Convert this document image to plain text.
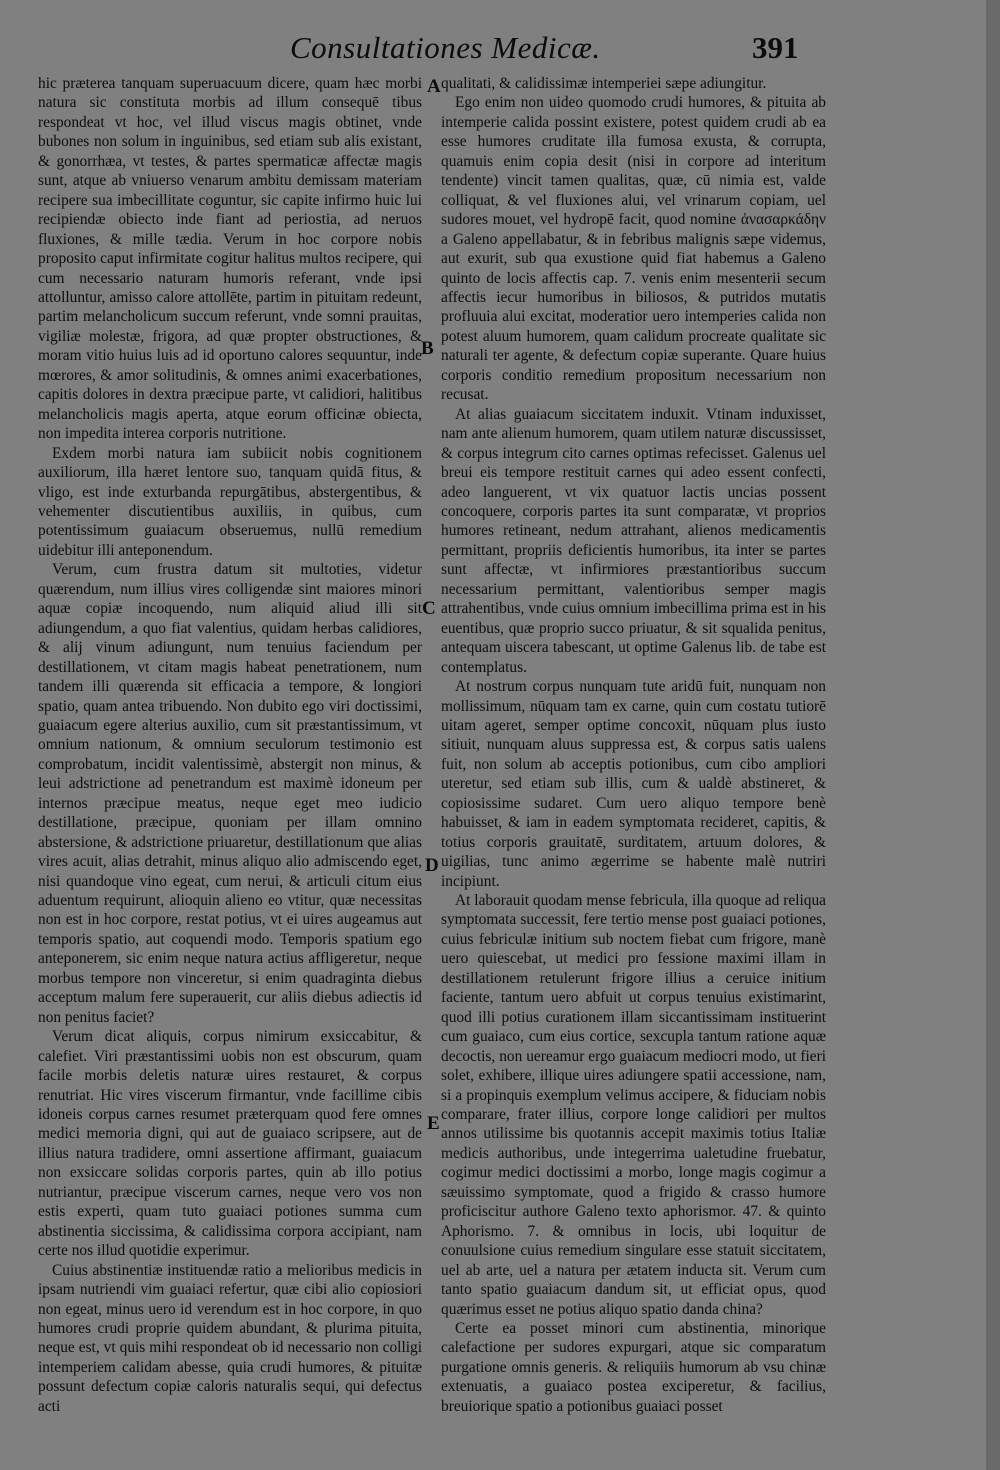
Consultationes Medicæ.	391

hic præterea tanquam superuacuum dicere, quam hæc morbi natura sic constituta morbis ad illum consequē tibus respondeat vt hoc, vel illud viscus magis obtinet, vnde bubones non solum in inguinibus, sed etiam sub alis existant, & gonorrhæa, vt testes, & partes spermaticæ affectæ magis sunt, atque ab vniuerso venarum ambitu demissam materiam recipere sua imbecillitate coguntur, sic capite infirmo huic lui recipiendæ obiecto inde fiant ad periostia, ad neruos fluxiones, & mille tædia. Verum in hoc corpore nobis proposito caput infirmitate cogitur halitus multos recipere, qui cum necessario naturam humoris referant, vnde ipsi attolluntur, amisso calore attollēte, partim in pituitam redeunt, partim melancholicum succum referunt, vnde somni prauitas, vigiliæ molestæ, frigora, ad quæ propter obstructiones, & moram vitio huius luis ad id oportuno calores sequuntur, inde mœrores, & amor solitudinis, & omnes animi exacerbationes, capitis dolores in dextra præcipue parte, vt calidiori, halitibus melancholicis magis aperta, atque eorum officinæ obiecta, non impedita interea corporis nutritione.

Exdem morbi natura iam subiicit nobis cognitionem auxiliorum, illa hæret lentore suo, tanquam quidā fitus, & vligo, est inde exturbanda repurgātibus, abstergentibus, & vehementer discutientibus auxiliis, in quibus, cum potentissimum guaiacum obseruemus, nullū remedium uidebitur illi anteponendum.

Verum, cum frustra datum sit multoties, videtur quærendum, num illius vires colligendæ sint maiores minori aquæ copiæ incoquendo, num aliquid aliud illi sit adiungendum, a quo fiat valentius, quidam herbas calidiores, & alij vinum adiungunt, num tenuius faciendum per destillationem, vt citam magis habeat penetrationem, num tandem illi quærenda sit efficacia a tempore, & longiori spatio, quam antea tribuendo. Non dubito ego viri doctissimi, guaiacum egere alterius auxilio, cum sit præstantissimum, vt omnium nationum, & omnium seculorum testimonio est comprobatum, incidit valentissimè, abstergit non minus, & leui adstrictione ad penetrandum est maximè idoneum per internos præcipue meatus, neque eget meo iudicio destillatione, præcipue, quoniam per illam omnino abstersione, & adstrictione priuaretur, destillationum que alias vires acuit, alias detrahit, minus aliquo alio admiscendo eget, nisi quandoque vino egeat, cum nerui, & articuli citum eius aduentum requirunt, alioquin alieno eo vtitur, quæ necessitas non est in hoc corpore, restat potius, vt ei uires augeamus aut temporis spatio, aut coquendi modo. Temporis spatium ego anteponerem, sic enim neque natura actius affligeretur, neque morbus tempore non vinceretur, si enim quadraginta diebus acceptum malum fere superauerit, cur aliis diebus adiectis id non penitus faciet?

Verum dicat aliquis, corpus nimirum exsiccabitur, & calefiet. Viri præstantissimi uobis non est obscurum, quam facile morbis deletis naturæ uires restauret, & corpus renutriat. Hic vires viscerum firmantur, vnde facillime cibis idoneis corpus carnes resumet præterquam quod fere omnes medici memoria digni, qui aut de guaiaco scripsere, aut de illius natura tradidere, omni assertione affirmant, guaiacum non exsiccare solidas corporis partes, quin ab illo potius nutriantur, præcipue viscerum carnes, neque vero vos non estis experti, quam tuto guaiaci potiones summa cum abstinentia siccissima, & calidissima corpora accipiant, nam certe nos illud quotidie experimur.

Cuius abstinentiæ instituendæ ratio a melioribus medicis in ipsam nutriendi vim guaiaci refertur, quæ cibi alio copiosiori non egeat, minus uero id verendum est in hoc corpore, in quo humores crudi proprie quidem abundant, & plurima pituita, neque est, vt quis mihi respondeat ob id necessario non colligi intemperiem calidam abesse, quia crudi humores, & pituitæ possunt defectum copiæ caloris naturalis sequi, qui defectus acti

A
B
C
D
E

qualitati, & calidissimæ intemperiei sæpe adiungitur.

Ego enim non uideo quomodo crudi humores, & pituita ab intemperie calida possint existere, potest quidem crudi ab ea esse humores cruditate illa fumosa exusta, & corrupta, quamuis enim copia desit (nisi in corpore ad interitum tendente) vincit tamen qualitas, quæ, cū nimia est, valde colliquat, & vel fluxiones alui, vel vrinarum copiam, uel sudores mouet, vel hydropē facit, quod nomine ἀνασαρκάδην a Galeno appellabatur, & in febribus malignis sæpe videmus, aut exurit, sub qua exustione quid fiat habemus a Galeno quinto de locis affectis cap. 7. venis enim mesenterii secum affectis iecur humoribus in biliosos, & putridos mutatis profluuia alui excitat, moderatior uero intemperies calida non potest aluum humorem, quam calidum procreate qualitate sic naturali ter agente, & defectum copiæ superante. Quare huius corporis conditio remedium propositum necessarium non recusat.

At alias guaiacum siccitatem induxit. Vtinam induxisset, nam ante alienum humorem, quam utilem naturæ discussisset, & corpus integrum cito carnes optimas refecisset. Galenus uel breui eis tempore restituit carnes qui adeo essent confecti, adeo languerent, vt vix quatuor lactis uncias possent concoquere, corporis partes ita sunt comparatæ, vt proprios humores retineant, nedum attrahant, alienos medicamentis permittant, propriis deficientis humoribus, ita inter se partes sunt affectæ, vt infirmiores præstantioribus succum necessarium permittant, valentioribus semper magis attrahentibus, vnde cuius omnium imbecillima prima est in his euentibus, quæ proprio succo priuatur, & sit squalida penitus, antequam uiscera tabescant, ut optime Galenus lib. de tabe est contemplatus.

At nostrum corpus nunquam tute aridū fuit, nunquam non mollissimum, nūquam tam ex carne, quin cum costatu tutiorē uitam ageret, semper optime concoxit, nūquam plus iusto sitiuit, nunquam aluus suppressa est, & corpus satis ualens fuit, non solum ab acceptis potionibus, cum cibo ampliori uteretur, sed etiam sub illis, cum & ualdè abstineret, & copiosissime sudaret. Cum uero aliquo tempore benè habuisset, & iam in eadem symptomata recideret, capitis, & totius corporis grauitatē, surditatem, artuum dolores, & uigilias, tunc animo ægerrime se habente malè nutriri incipiunt.

At laborauit quodam mense febricula, illa quoque ad reliqua symptomata successit, fere tertio mense post guaiaci potiones, cuius febriculæ initium sub noctem fiebat cum frigore, manè uero quiescebat, ut medici pro fessione maximi illam in destillationem retulerunt frigore illius a ceruice initium faciente, tantum uero abfuit ut corpus tenuius existimarint, quod illi potius curationem illam siccantissimam instituerint cum guaiaco, cum eius cortice, sexcupla tantum ratione aquæ decoctis, non uereamur ergo guaiacum mediocri modo, ut fieri solet, exhibere, illique uires adiungere spatii accessione, nam, si a propinquis exemplum velimus accipere, & fiduciam nobis comparare, frater illius, corpore longe calidiori per multos annos utilissime bis quotannis accepit maximis totius Italiæ medicis authoribus, unde integerrima ualetudine fruebatur, cogimur medici doctissimi a morbo, longe magis cogimur a sæuissimo symptomate, quod a frigido & crasso humore proficiscitur authore Galeno texto aphorismor. 47. & quinto Aphorismo. 7. & omnibus in locis, ubi loquitur de conuulsione cuius remedium singulare esse statuit siccitatem, uel ab arte, uel a natura per ætatem inducta sit. Verum cum tanto spatio guaiacum dandum sit, ut efficiat opus, quod quærimus esset ne potius aliquo spatio danda china?

Certe ea posset minori cum abstinentia, minorique calefactione per sudores expurgari, atque sic comparatum purgatione omnis generis. & reliquiis humorum ab vsu chinæ extenuatis, a guaiaco postea exciperetur, & facilius, breuiorique spatio a potionibus guaiaci posset
